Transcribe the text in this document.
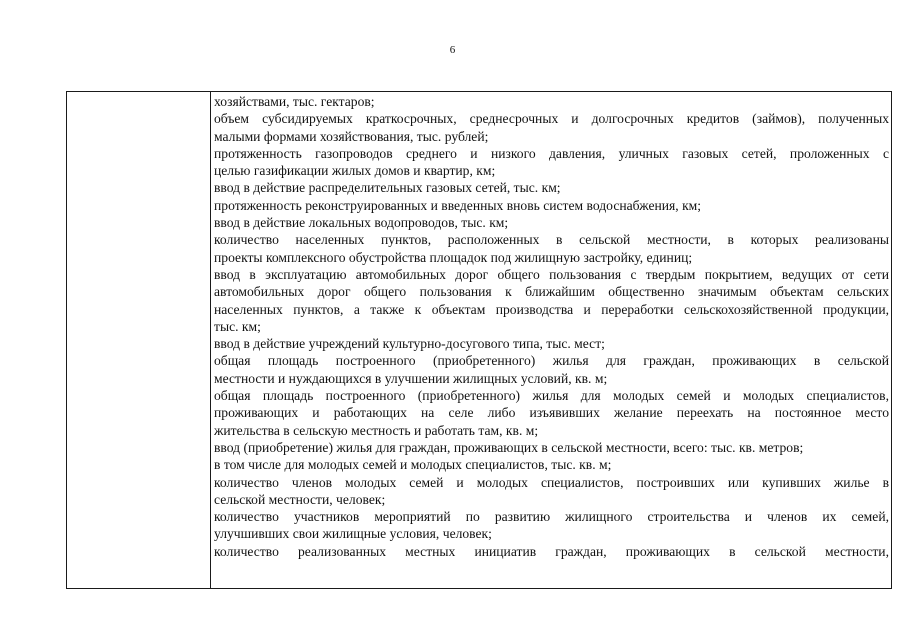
6
хозяйствами, тыс. гектаров;
объем субсидируемых краткосрочных, среднесрочных и долгосрочных кредитов (займов), полученных
малыми формами хозяйствования, тыс. рублей;
протяженность газопроводов среднего и низкого давления, уличных газовых сетей, проложенных с
целью газификации жилых домов и квартир, км;
ввод в действие распределительных газовых сетей, тыс. км;
протяженность реконструированных и введенных вновь систем водоснабжения, км;
ввод в действие локальных водопроводов, тыс. км;
количество населенных пунктов, расположенных в сельской местности, в которых реализованы
проекты комплексного обустройства площадок под жилищную застройку, единиц;
ввод в эксплуатацию автомобильных дорог общего пользования с твердым покрытием, ведущих от сети
автомобильных дорог общего пользования к ближайшим общественно значимым объектам сельских
населенных пунктов, а также к объектам производства и переработки сельскохозяйственной продукции,
тыс. км;
ввод в действие учреждений культурно-досугового типа, тыс. мест;
общая площадь построенного (приобретенного) жилья для граждан, проживающих в сельской
местности и нуждающихся в улучшении жилищных условий, кв. м;
общая площадь построенного (приобретенного) жилья для молодых семей и молодых специалистов,
проживающих и работающих на селе либо изъявивших желание переехать на постоянное место
жительства в сельскую местность и работать там, кв. м;
ввод (приобретение) жилья для граждан, проживающих в сельской местности, всего: тыс. кв. метров;
в том числе для молодых семей и молодых специалистов, тыс. кв. м;
количество членов молодых семей и молодых специалистов, построивших или купивших жилье в
сельской местности, человек;
количество участников мероприятий по развитию жилищного строительства и членов их семей,
улучшивших свои жилищные условия, человек;
количество реализованных местных инициатив граждан, проживающих в сельской местности,
